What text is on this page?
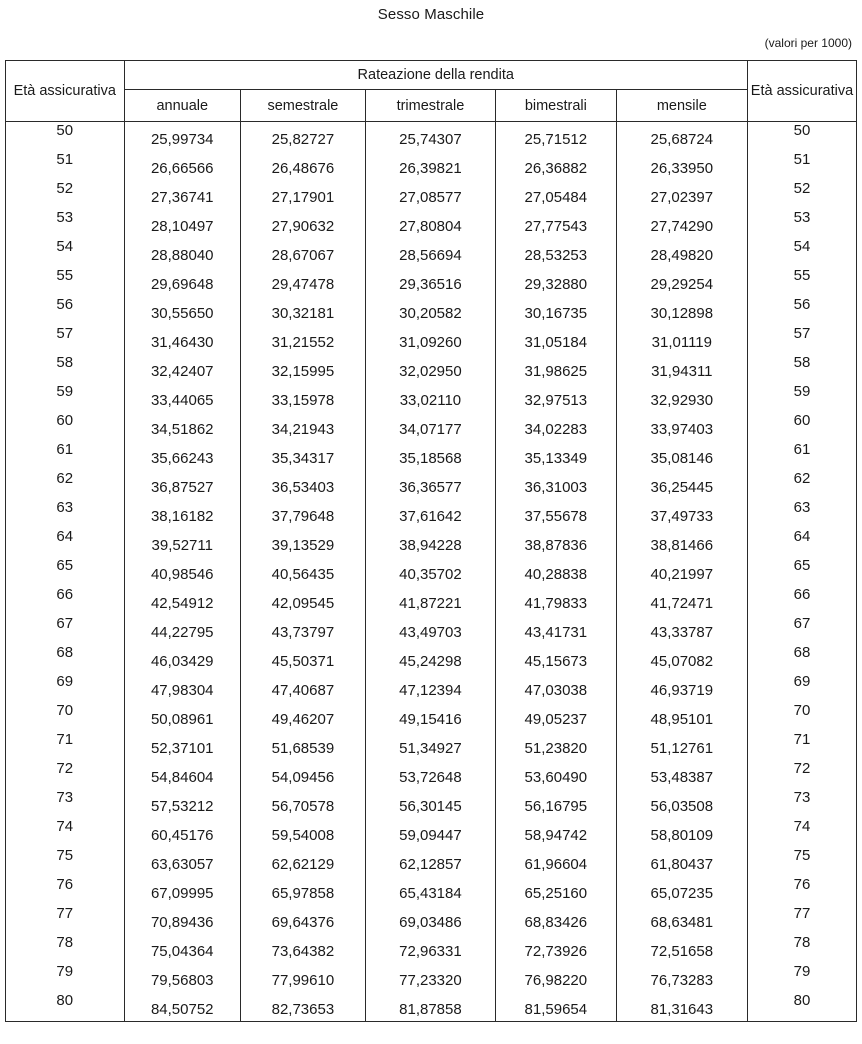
Sesso Maschile
(valori per 1000)
Età assicurativa	Rateazione della rendita					Età assicurativa
	annuale	semestrale	trimestrale	bimestrali	mensile	
50	25,99734	25,82727	25,74307	25,71512	25,68724	50
51	26,66566	26,48676	26,39821	26,36882	26,33950	51
52	27,36741	27,17901	27,08577	27,05484	27,02397	52
53	28,10497	27,90632	27,80804	27,77543	27,74290	53
54	28,88040	28,67067	28,56694	28,53253	28,49820	54
55	29,69648	29,47478	29,36516	29,32880	29,29254	55
56	30,55650	30,32181	30,20582	30,16735	30,12898	56
57	31,46430	31,21552	31,09260	31,05184	31,01119	57
58	32,42407	32,15995	32,02950	31,98625	31,94311	58
59	33,44065	33,15978	33,02110	32,97513	32,92930	59
60	34,51862	34,21943	34,07177	34,02283	33,97403	60
61	35,66243	35,34317	35,18568	35,13349	35,08146	61
62	36,87527	36,53403	36,36577	36,31003	36,25445	62
63	38,16182	37,79648	37,61642	37,55678	37,49733	63
64	39,52711	39,13529	38,94228	38,87836	38,81466	64
65	40,98546	40,56435	40,35702	40,28838	40,21997	65
66	42,54912	42,09545	41,87221	41,79833	41,72471	66
67	44,22795	43,73797	43,49703	43,41731	43,33787	67
68	46,03429	45,50371	45,24298	45,15673	45,07082	68
69	47,98304	47,40687	47,12394	47,03038	46,93719	69
70	50,08961	49,46207	49,15416	49,05237	48,95101	70
71	52,37101	51,68539	51,34927	51,23820	51,12761	71
72	54,84604	54,09456	53,72648	53,60490	53,48387	72
73	57,53212	56,70578	56,30145	56,16795	56,03508	73
74	60,45176	59,54008	59,09447	58,94742	58,80109	74
75	63,63057	62,62129	62,12857	61,96604	61,80437	75
76	67,09995	65,97858	65,43184	65,25160	65,07235	76
77	70,89436	69,64376	69,03486	68,83426	68,63481	77
78	75,04364	73,64382	72,96331	72,73926	72,51658	78
79	79,56803	77,99610	77,23320	76,98220	76,73283	79
80	84,50752	82,73653	81,87858	81,59654	81,31643	80
